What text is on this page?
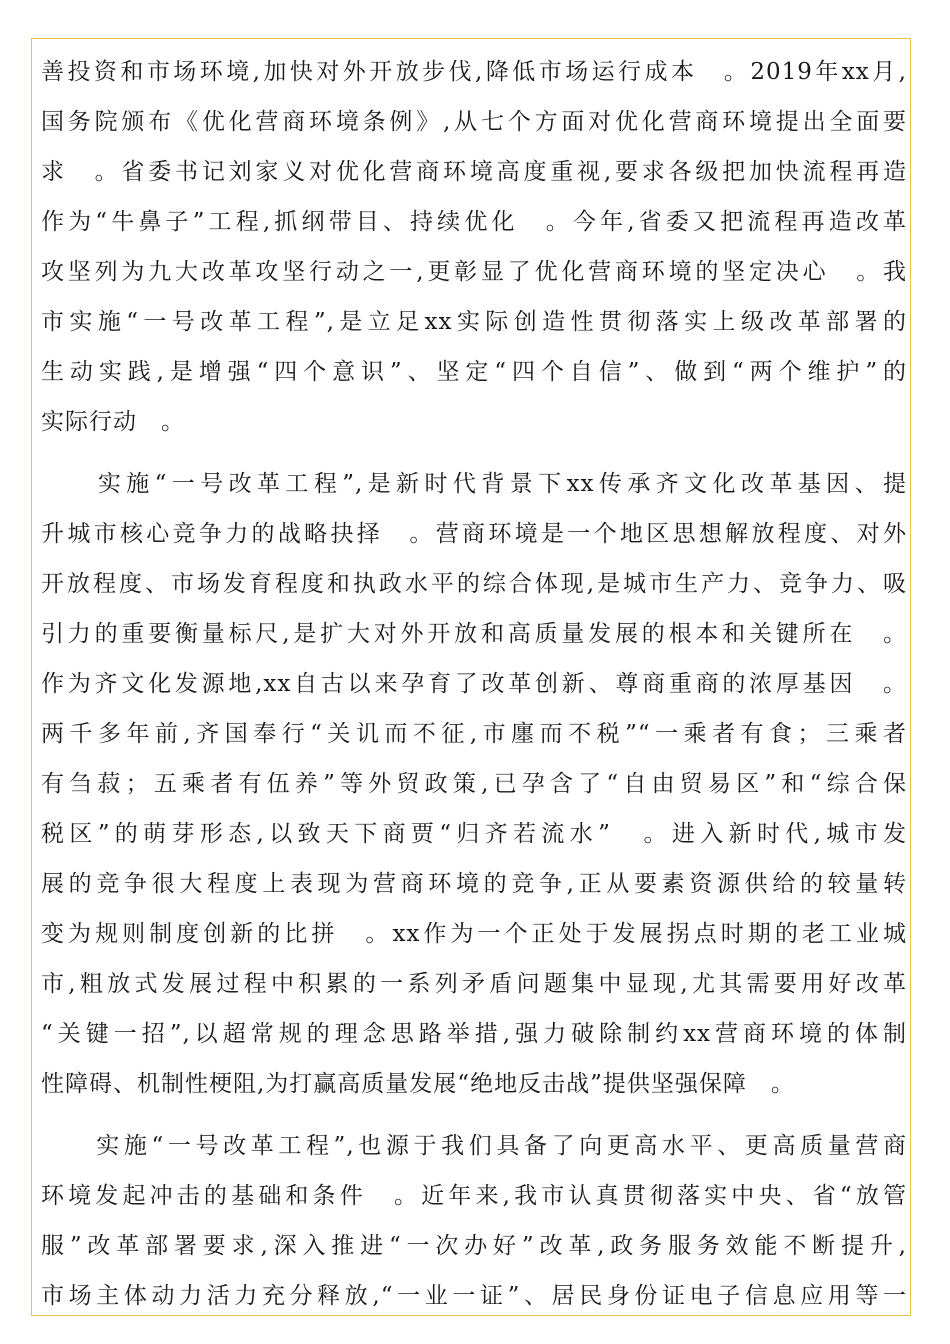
善投资和市场环境,加快对外开放步伐,降低市场运行成本　。2019年xx月,
国务院颁布《优化营商环境条例》,从七个方面对优化营商环境提出全面要
求　。省委书记刘家义对优化营商环境高度重视,要求各级把加快流程再造
作为“牛鼻子”工程,抓纲带目、持续优化　。今年,省委又把流程再造改革
攻坚列为九大改革攻坚行动之一,更彰显了优化营商环境的坚定决心　。我
市实施“一号改革工程”,是立足xx实际创造性贯彻落实上级改革部署的
生动实践,是增强“四个意识”、坚定“四个自信”、做到“两个维护”的
实际行动　。
　　实施“一号改革工程”,是新时代背景下xx传承齐文化改革基因、提
升城市核心竞争力的战略抉择　。营商环境是一个地区思想解放程度、对外
开放程度、市场发育程度和执政水平的综合体现,是城市生产力、竞争力、吸
引力的重要衡量标尺,是扩大对外开放和高质量发展的根本和关键所在　。
作为齐文化发源地,xx自古以来孕育了改革创新、尊商重商的浓厚基因　。
两千多年前,齐国奉行“关讥而不征,市廛而不税”“一乘者有食；三乘者
有刍菽；五乘者有伍养”等外贸政策,已孕含了“自由贸易区”和“综合保
税区”的萌芽形态,以致天下商贾“归齐若流水”　。进入新时代,城市发
展的竞争很大程度上表现为营商环境的竞争,正从要素资源供给的较量转
变为规则制度创新的比拼　。xx作为一个正处于发展拐点时期的老工业城
市,粗放式发展过程中积累的一系列矛盾问题集中显现,尤其需要用好改革
“关键一招”,以超常规的理念思路举措,强力破除制约xx营商环境的体制
性障碍、机制性梗阻,为打赢高质量发展“绝地反击战”提供坚强保障　。
　　实施“一号改革工程”,也源于我们具备了向更高水平、更高质量营商
环境发起冲击的基础和条件　。近年来,我市认真贯彻落实中央、省“放管
服”改革部署要求,深入推进“一次办好”改革,政务服务效能不断提升,
市场主体动力活力充分释放,“一业一证”、居民身份证电子信息应用等一
